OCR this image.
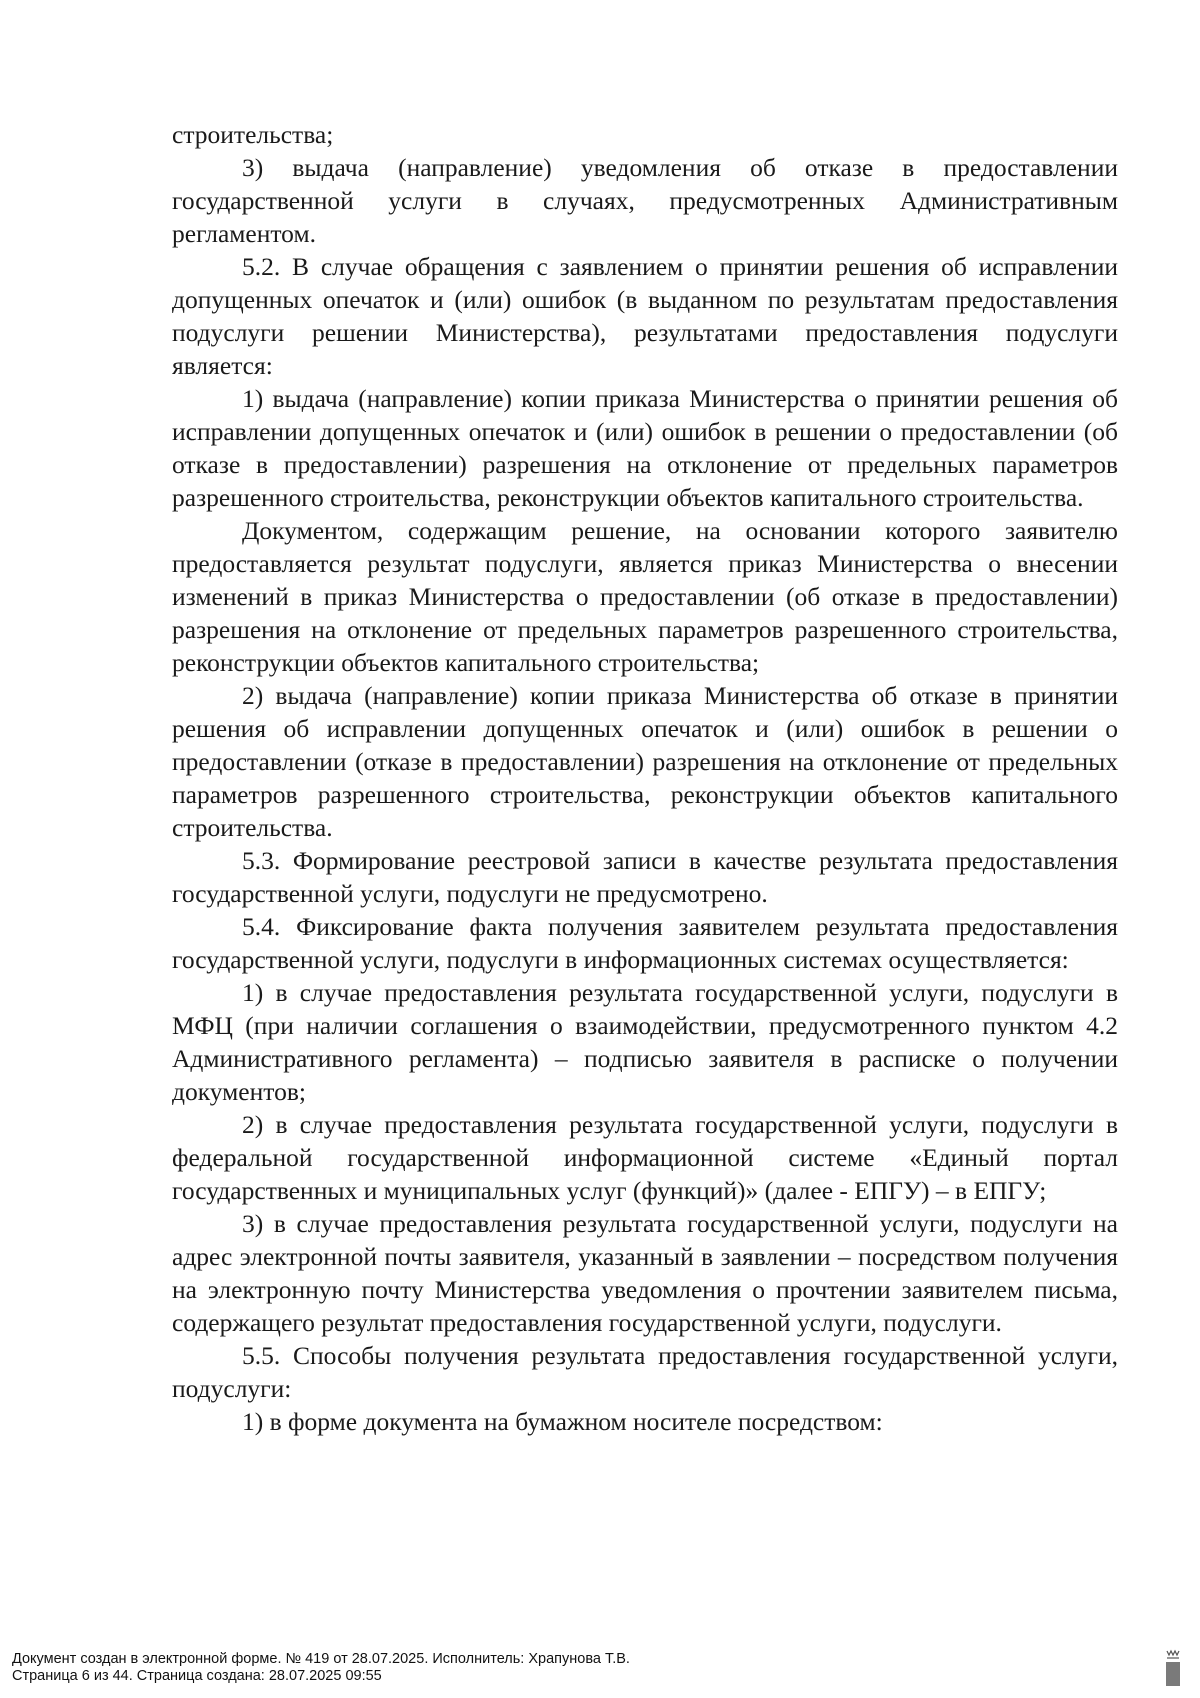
строительства;

3) выдача (направление) уведомления об отказе в предоставлении государственной услуги в случаях, предусмотренных Административным регламентом.

5.2. В случае обращения с заявлением о принятии решения об исправлении допущенных опечаток и (или) ошибок (в выданном по результатам предоставления подуслуги решении Министерства), результатами предоставления подуслуги является:

1) выдача (направление) копии приказа Министерства о принятии решения об исправлении допущенных опечаток и (или) ошибок в решении о предоставлении (об отказе в предоставлении) разрешения на отклонение от предельных параметров разрешенного строительства, реконструкции объектов капитального строительства.

Документом, содержащим решение, на основании которого заявителю предоставляется результат подуслуги, является приказ Министерства о внесении изменений в приказ Министерства о предоставлении (об отказе в предоставлении) разрешения на отклонение от предельных параметров разрешенного строительства, реконструкции объектов капитального строительства;

2) выдача (направление) копии приказа Министерства об отказе в принятии решения об исправлении допущенных опечаток и (или) ошибок в решении о предоставлении (отказе в предоставлении) разрешения на отклонение от предельных параметров разрешенного строительства, реконструкции объектов капитального строительства.

5.3. Формирование реестровой записи в качестве результата предоставления государственной услуги, подуслуги не предусмотрено.

5.4. Фиксирование факта получения заявителем результата предоставления государственной услуги, подуслуги в информационных системах осуществляется:

1) в случае предоставления результата государственной услуги, подуслуги в МФЦ (при наличии соглашения о взаимодействии, предусмотренного пунктом 4.2 Административного регламента) – подписью заявителя в расписке о получении документов;

2) в случае предоставления результата государственной услуги, подуслуги в федеральной государственной информационной системе «Единый портал государственных и муниципальных услуг (функций)» (далее - ЕПГУ) – в ЕПГУ;

3) в случае предоставления результата государственной услуги, подуслуги на адрес электронной почты заявителя, указанный в заявлении – посредством получения на электронную почту Министерства уведомления о прочтении заявителем письма, содержащего результат предоставления государственной услуги, подуслуги.

5.5. Способы получения результата предоставления государственной услуги, подуслуги:

1) в форме документа на бумажном носителе посредством:

Документ создан в электронной форме. № 419 от 28.07.2025. Исполнитель: Храпунова Т.В.
Страница 6 из 44. Страница создана: 28.07.2025 09:55
